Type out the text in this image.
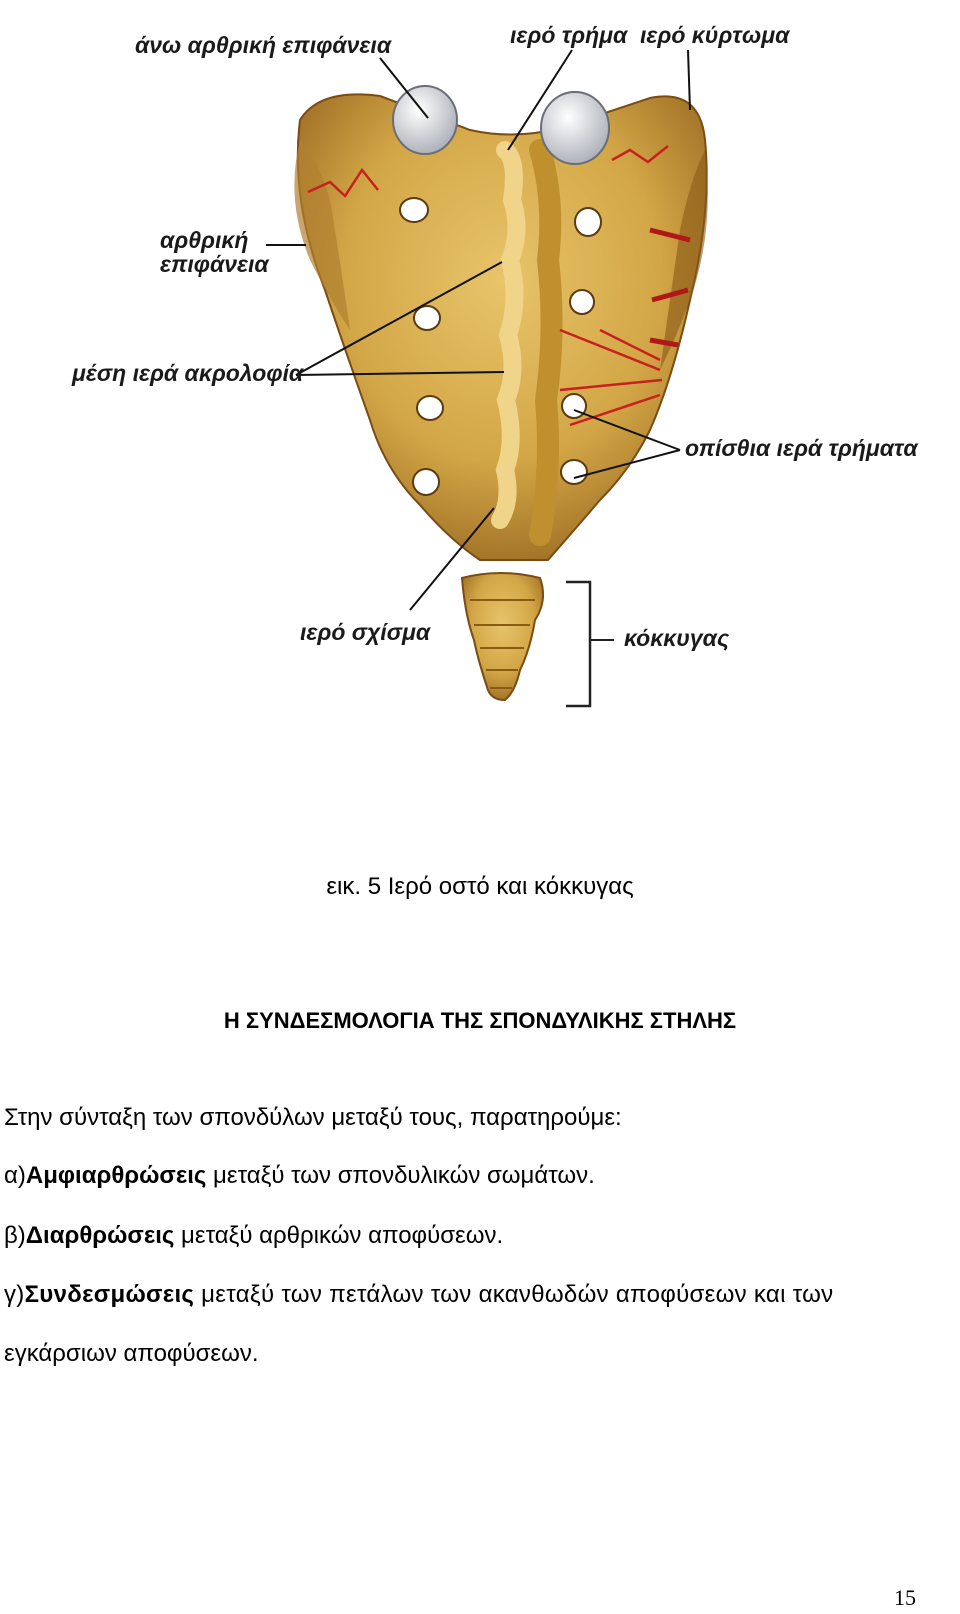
άνω αρθρική επιφάνεια	ιερό τρήμα ιερό κύρτωμα
αρθρική
επιφάνεια
μέση ιερά ακρολοφία
οπίσθια ιερά τρήματα
ιερό σχίσμα	κόκκυγας
εικ. 5 Ιερό οστό και κόκκυγας
Η ΣΥΝΔΕΣΜΟΛΟΓΙΑ ΤΗΣ ΣΠΟΝΔΥΛΙΚΗΣ ΣΤΗΛΗΣ
Στην σύνταξη των σπονδύλων μεταξύ τους, παρατηρούμε:
α)Αμφιαρθρώσεις μεταξύ των σπονδυλικών σωμάτων.
β)Διαρθρώσεις μεταξύ αρθρικών αποφύσεων.
γ)Συνδεσμώσεις μεταξύ των πετάλων των ακανθωδών αποφύσεων και των
εγκάρσιων αποφύσεων.
15
